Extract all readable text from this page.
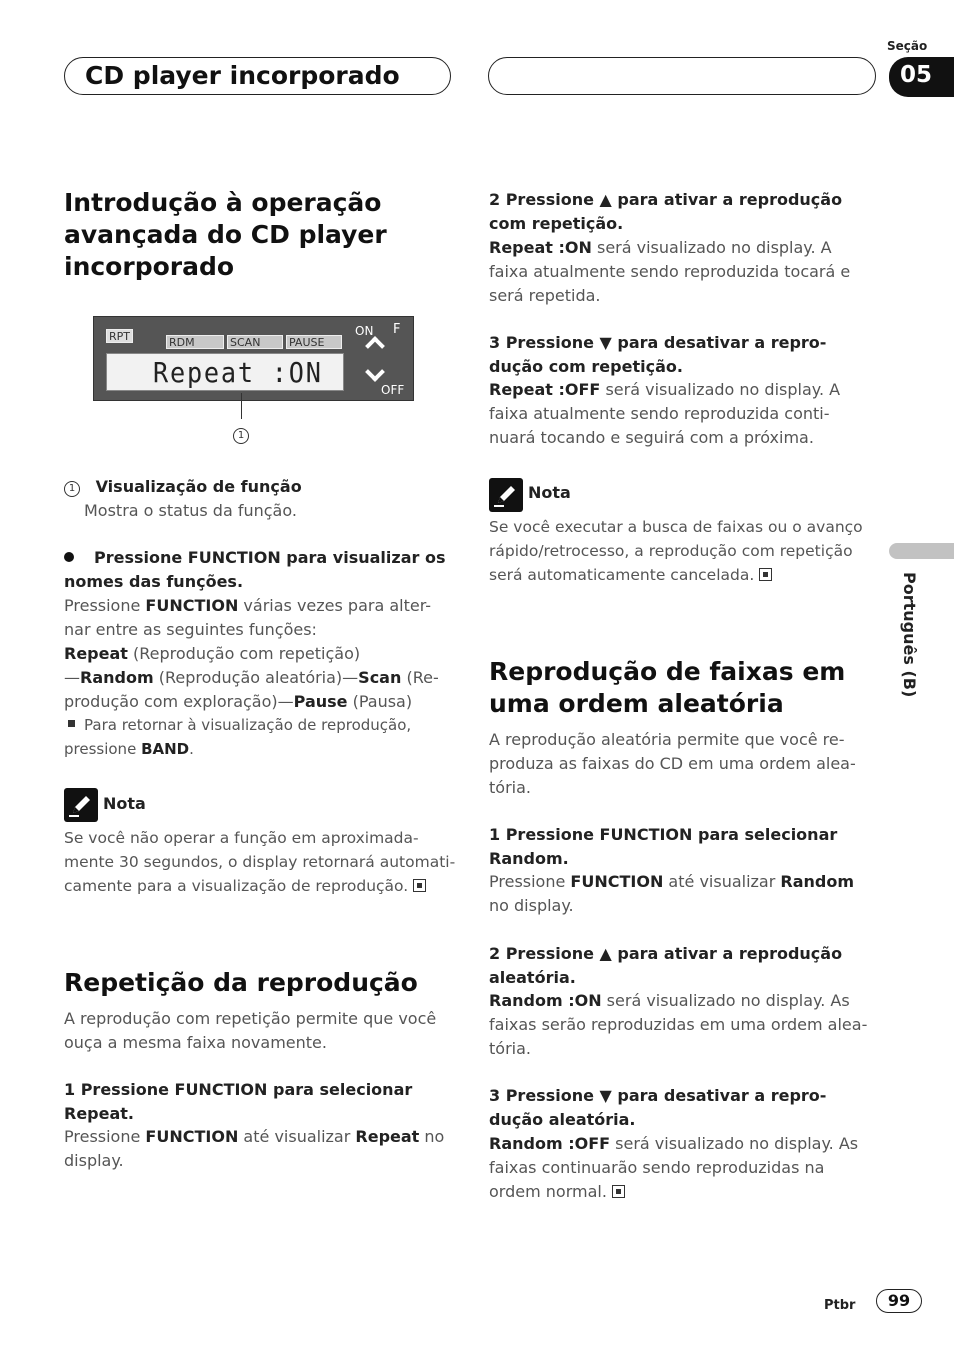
CD player incorporado
Seção
05
Português (B)
Introdução à operação
avançada do CD player
incorporado
RPT	RDM	SCAN	PAUSE
Repeat :ON
ON F
OFF
1
1 Visualização de função
Mostra o status da função.
Pressione FUNCTION para visualizar os
nomes das funções.
Pressione FUNCTION várias vezes para alter-
nar entre as seguintes funções:
Repeat (Reprodução com repetição)
—Random (Reprodução aleatória)—Scan (Re-
produção com exploração)—Pause (Pausa)
Para retornar à visualização de reprodução,
pressione BAND.
Nota
Se você não operar a função em aproximada-
mente 30 segundos, o display retornará automati-
camente para a visualização de reprodução.
Repetição da reprodução
A reprodução com repetição permite que você
ouça a mesma faixa novamente.
1 Pressione FUNCTION para selecionar
Repeat.
Pressione FUNCTION até visualizar Repeat no
display.
2 Pressione ▲ para ativar a reprodução
com repetição.
Repeat :ON será visualizado no display. A
faixa atualmente sendo reproduzida tocará e
será repetida.
3 Pressione ▼ para desativar a repro-
dução com repetição.
Repeat :OFF será visualizado no display. A
faixa atualmente sendo reproduzida conti-
nuará tocando e seguirá com a próxima.
Nota
Se você executar a busca de faixas ou o avanço
rápido/retrocesso, a reprodução com repetição
será automaticamente cancelada.
Reprodução de faixas em
uma ordem aleatória
A reprodução aleatória permite que você re-
produza as faixas do CD em uma ordem alea-
tória.
1 Pressione FUNCTION para selecionar
Random.
Pressione FUNCTION até visualizar Random
no display.
2 Pressione ▲ para ativar a reprodução
aleatória.
Random :ON será visualizado no display. As
faixas serão reproduzidas em uma ordem alea-
tória.
3 Pressione ▼ para desativar a repro-
dução aleatória.
Random :OFF será visualizado no display. As
faixas continuarão sendo reproduzidas na
ordem normal.
Ptbr	99
